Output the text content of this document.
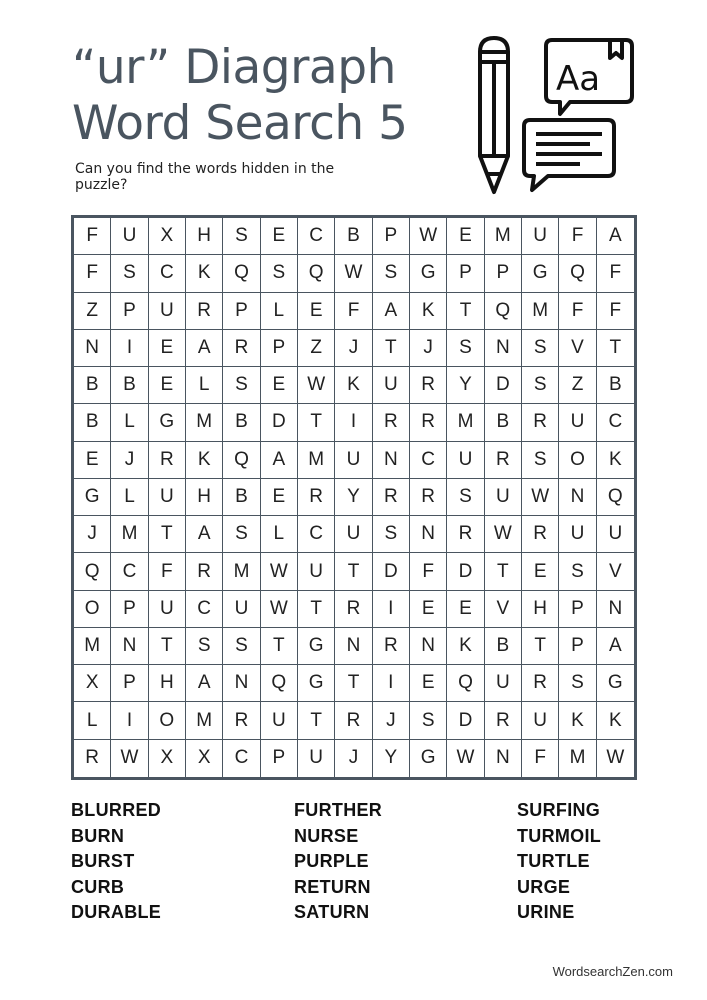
“ur” Diagraph
Word Search 5
Can you find the words hidden in the puzzle?
Aa
F	U	X	H	S	E	C	B	P	W	E	M	U	F	A
F	S	C	K	Q	S	Q	W	S	G	P	P	G	Q	F
Z	P	U	R	P	L	E	F	A	K	T	Q	M	F	F
N	I	E	A	R	P	Z	J	T	J	S	N	S	V	T
B	B	E	L	S	E	W	K	U	R	Y	D	S	Z	B
B	L	G	M	B	D	T	I	R	R	M	B	R	U	C
E	J	R	K	Q	A	M	U	N	C	U	R	S	O	K
G	L	U	H	B	E	R	Y	R	R	S	U	W	N	Q
J	M	T	A	S	L	C	U	S	N	R	W	R	U	U
Q	C	F	R	M	W	U	T	D	F	D	T	E	S	V
O	P	U	C	U	W	T	R	I	E	E	V	H	P	N
M	N	T	S	S	T	G	N	R	N	K	B	T	P	A
X	P	H	A	N	Q	G	T	I	E	Q	U	R	S	G
L	I	O	M	R	U	T	R	J	S	D	R	U	K	K
R	W	X	X	C	P	U	J	Y	G	W	N	F	M	W
BLURRED
BURN
BURST
CURB
DURABLE
FURTHER
NURSE
PURPLE
RETURN
SATURN
SURFING
TURMOIL
TURTLE
URGE
URINE
WordsearchZen.com
